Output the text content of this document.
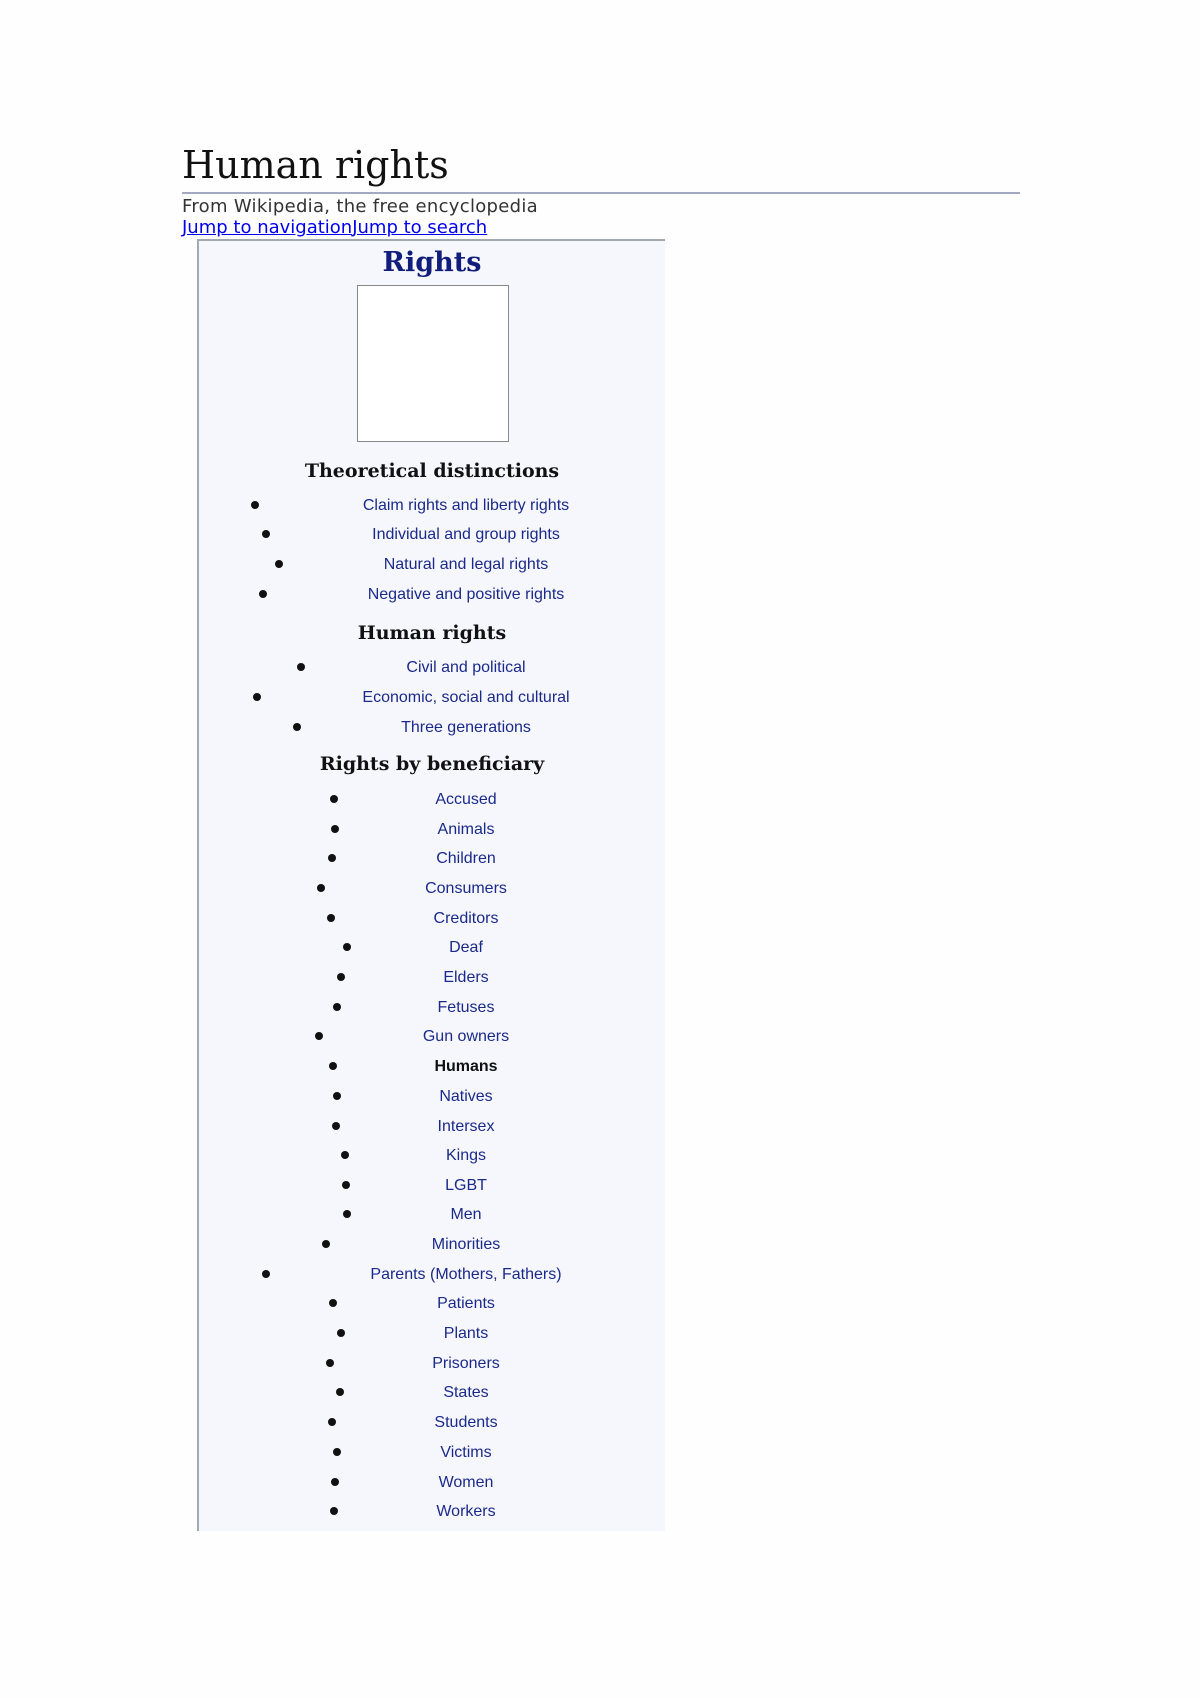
Human rights
From Wikipedia, the free encyclopedia
Jump to navigationJump to search
Rights
Theoretical distinctions
Claim rights and liberty rights
Individual and group rights
Natural and legal rights
Negative and positive rights
Human rights
Civil and political
Economic, social and cultural
Three generations
Rights by beneficiary
Accused
Animals
Children
Consumers
Creditors
Deaf
Elders
Fetuses
Gun owners
Humans
Natives
Intersex
Kings
LGBT
Men
Minorities
Parents (Mothers, Fathers)
Patients
Plants
Prisoners
States
Students
Victims
Women
Workers
